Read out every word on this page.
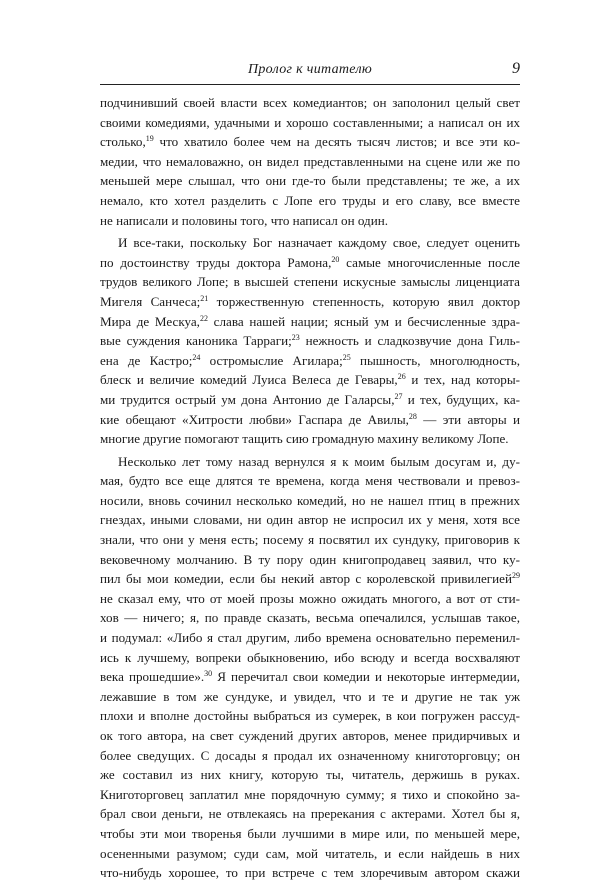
Пролог к читателю	9
подчинивший своей власти всех комедиантов; он заполонил целый свет
своими комедиями, удачными и хорошо составленными; а написал он их
столько,$^{19}$ что хватило более чем на десять тысяч листов; и все эти ко-
медии, что немаловажно, он видел представленными на сцене или же по
меньшей мере слышал, что они где-то были представлены; те же, а их
немало, кто хотел разделить с Лопе его труды и его славу, все вместе
не написали и половины того, что написал он один.
И все-таки, поскольку Бог назначает каждому свое, следует оценить
по достоинству труды доктора Рамона,$^{20}$ самые многочисленные после
трудов великого Лопе; в высшей степени искусные замыслы лиценциата
Мигеля Санчеса;$^{21}$ торжественную степенность, которую явил доктор
Мира де Мескуа,$^{22}$ слава нашей нации; ясный ум и бесчисленные здра-
вые суждения каноника Тарраги;$^{23}$ нежность и сладкозвучие дона Гиль-
ена де Кастро;$^{24}$ остромыслие Агилара;$^{25}$ пышность, многолюдность,
блеск и величие комедий Луиса Велеса де Гевары,$^{26}$ и тех, над которы-
ми трудится острый ум дона Антонио де Галарсы,$^{27}$ и тех, будущих, ка-
кие обещают «Хитрости любви» Гаспара де Авилы,$^{28}$ — эти авторы и
многие другие помогают тащить сию громадную махину великому Лопе.
Несколько лет тому назад вернулся я к моим былым досугам и, ду-
мая, будто все еще длятся те времена, когда меня чествовали и превоз-
носили, вновь сочинил несколько комедий, но не нашел птиц в прежних
гнездах, иными словами, ни один автор не испросил их у меня, хотя все
знали, что они у меня есть; посему я посвятил их сундуку, приговорив к
вековечному молчанию. В ту пору один книгопродавец заявил, что ку-
пил бы мои комедии, если бы некий автор с королевской привилегией$^{29}$
не сказал ему, что от моей прозы можно ожидать многого, а вот от сти-
хов — ничего; я, по правде сказать, весьма опечалился, услышав такое,
и подумал: «Либо я стал другим, либо времена основательно переменил-
ись к лучшему, вопреки обыкновению, ибо всюду и всегда восхваляют
века прошедшие».$^{30}$ Я перечитал свои комедии и некоторые интермедии,
лежавшие в том же сундуке, и увидел, что и те и другие не так уж
плохи и вполне достойны выбраться из сумерек, в кои погружен рассуд-
ок того автора, на свет суждений других авторов, менее придирчивых и
более сведущих. С досады я продал их означенному книготорговцу; он
же составил из них книгу, которую ты, читатель, держишь в руках.
Книготорговец заплатил мне порядочную сумму; я тихо и спокойно за-
брал свои деньги, не отвлекаясь на пререкания с актерами. Хотел бы я,
чтобы эти мои творенья были лучшими в мире или, по меньшей мере,
осененными разумом; суди сам, мой читатель, и если найдешь в них
что-нибудь хорошее, то при встрече с тем злоречивым автором скажи
